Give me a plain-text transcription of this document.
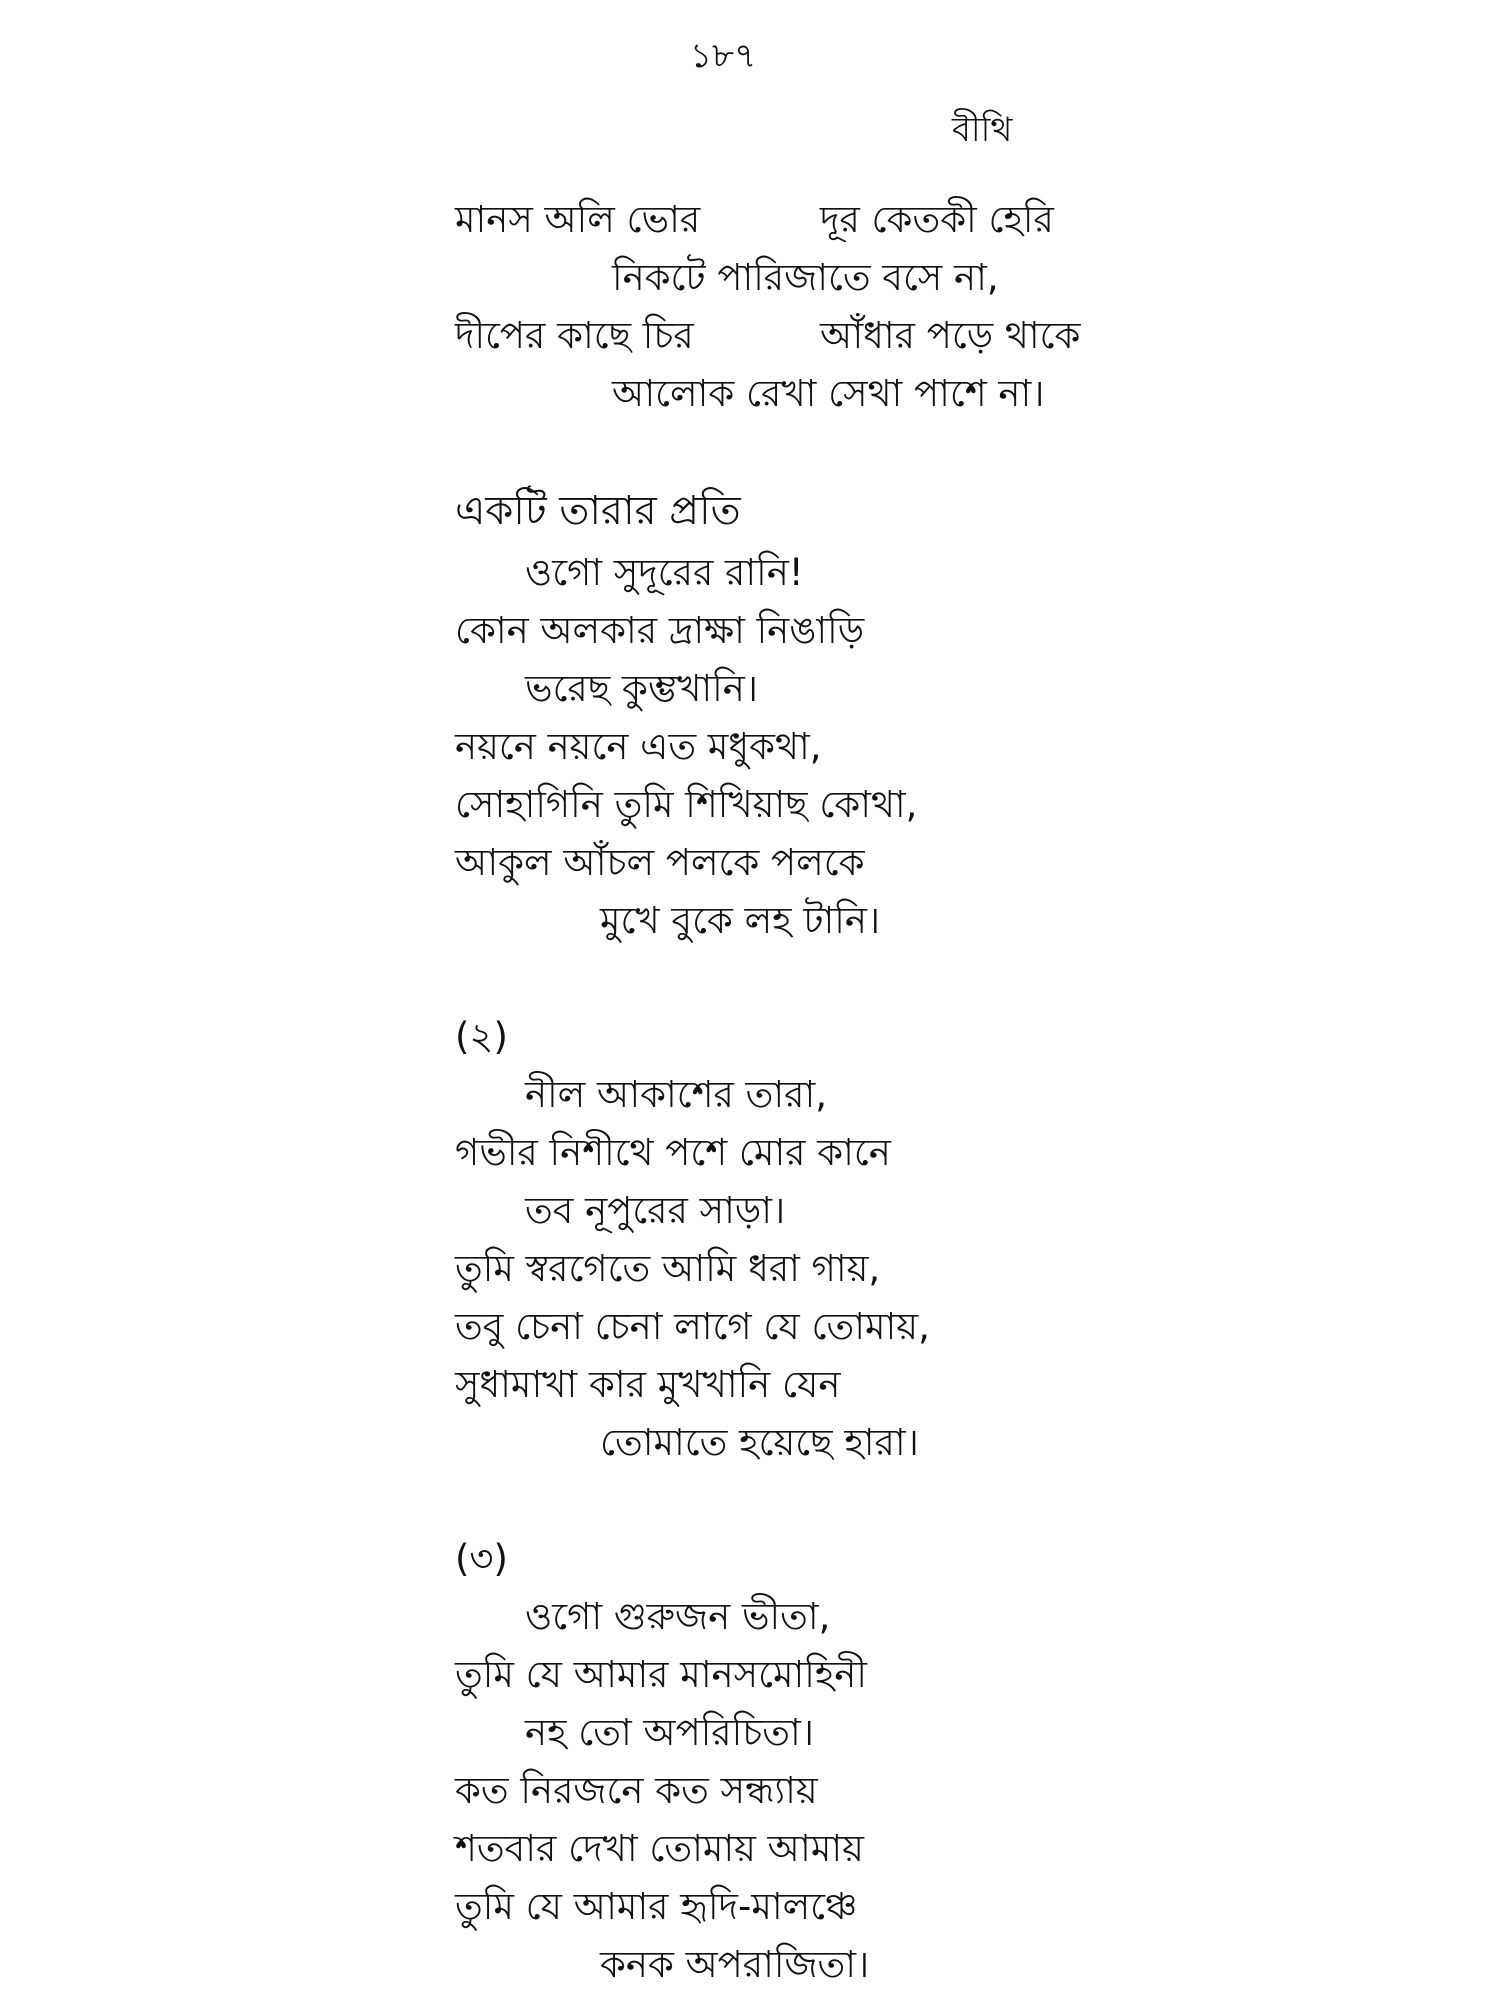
১৮৭
বীথি
মানস অলি ভোর	দূর কেতকী হেরি
নিকটে পারিজাতে বসে না,
দীপের কাছে চির	আঁধার পড়ে থাকে
আলোক রেখা সেথা পাশে না।
একটি তারার প্রতি
ওগো সুদূরের রানি!
কোন অলকার দ্রাক্ষা নিঙাড়ি
ভরেছ কুম্ভখানি।
নয়নে নয়নে এত মধুকথা,
সোহাগিনি তুমি শিখিয়াছ কোথা,
আকুল আঁচল পলকে পলকে
মুখে বুকে লহ টানি।
(২)
নীল আকাশের তারা,
গভীর নিশীথে পশে মোর কানে
তব নূপুরের সাড়া।
তুমি স্বরগেতে আমি ধরা গায়,
তবু চেনা চেনা লাগে যে তোমায়,
সুধামাখা কার মুখখানি যেন
তোমাতে হয়েছে হারা।
(৩)
ওগো গুরুজন ভীতা,
তুমি যে আমার মানসমোহিনী
নহ তো অপরিচিতা।
কত নিরজনে কত সন্ধ্যায়
শতবার দেখা তোমায় আমায়
তুমি যে আমার হৃদি-মালঞ্চে
কনক অপরাজিতা।
